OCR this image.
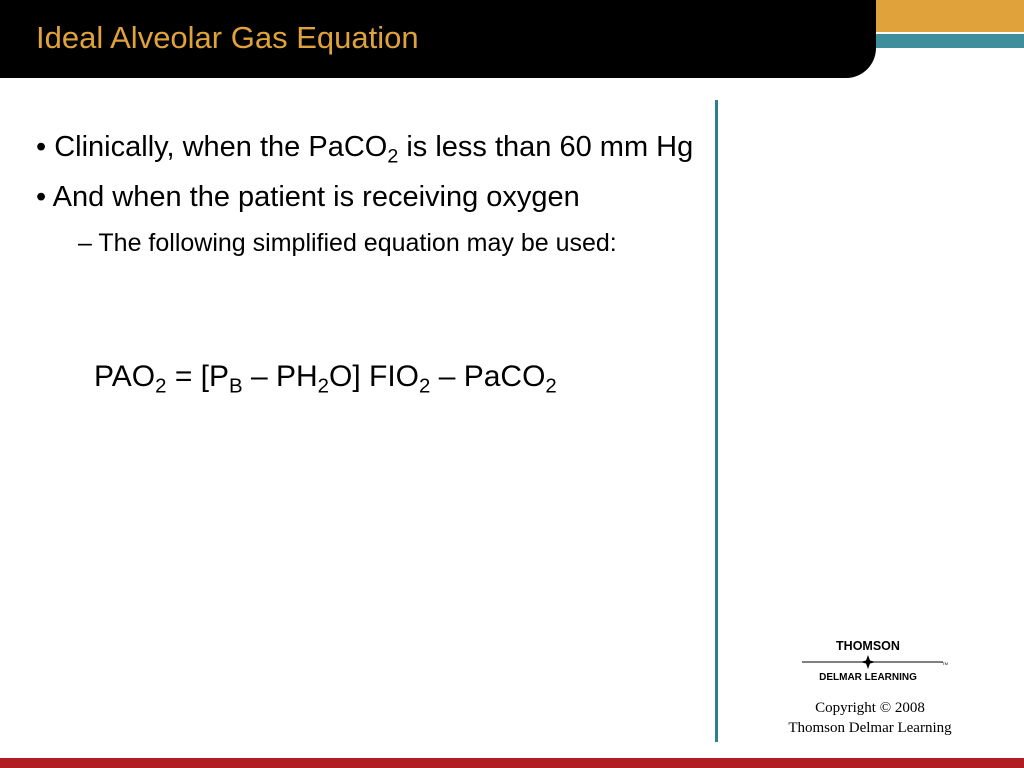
Ideal Alveolar Gas Equation

• Clinically, when the PaCO$_2$ is less than 60 mm Hg

• And when the patient is receiving oxygen

– The following simplified equation may be used:

$PAO_2 = [P_B - PH_2O]$ $FIO_2$ – PaCO$_2$
THOMSON
TM
DELMAR LEARNING
Copyright © 2008
Thomson Delmar Learning
